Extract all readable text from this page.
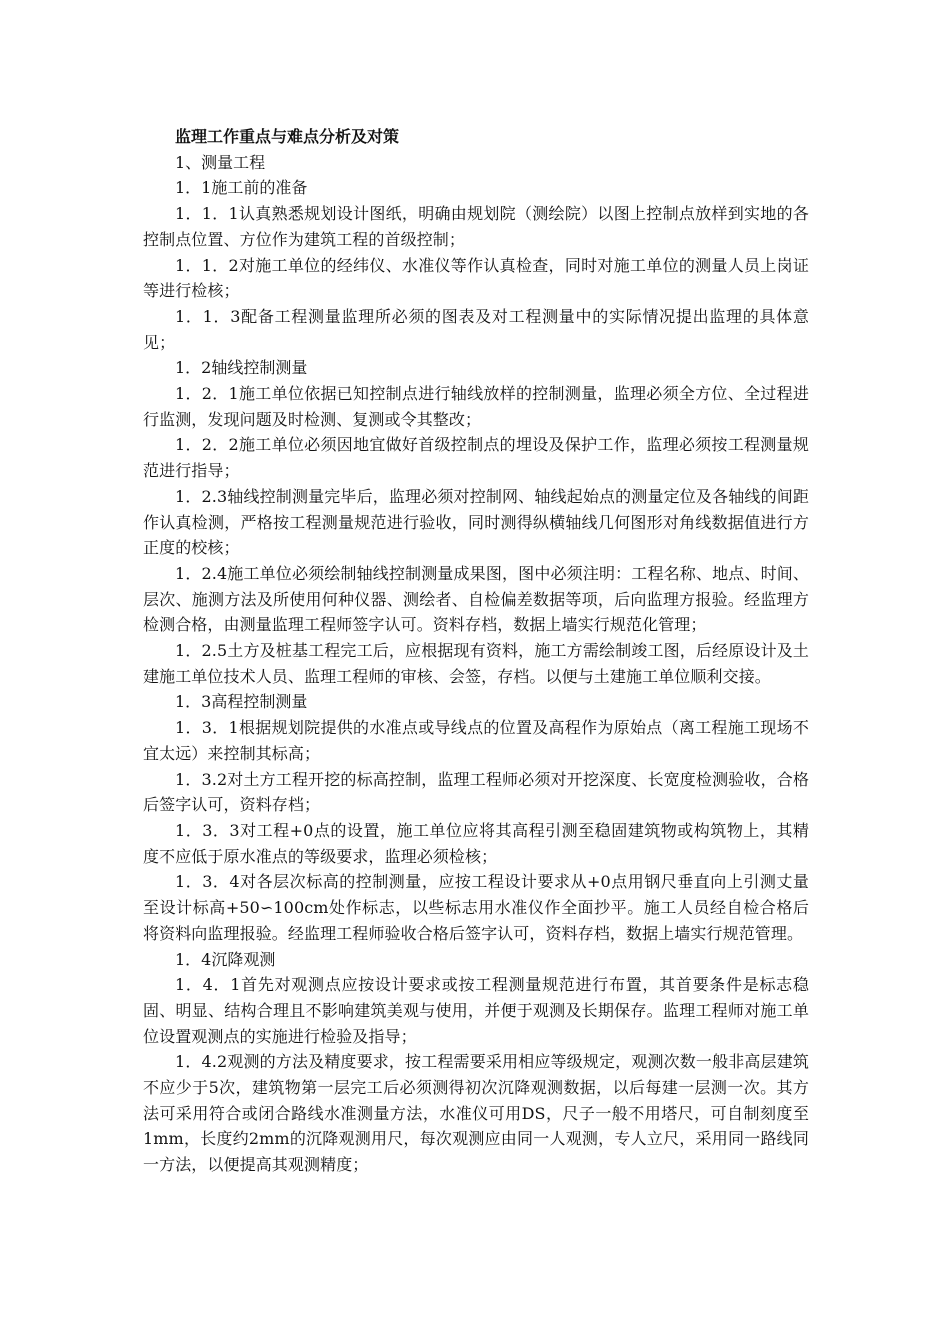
监理工作重点与难点分析及对策

1、测量工程

1．1施工前的准备

1．1．1认真熟悉规划设计图纸，明确由规划院（测绘院）以图上控制点放样到实地的各控制点位置、方位作为建筑工程的首级控制；

1．1．2对施工单位的经纬仪、水准仪等作认真检查，同时对施工单位的测量人员上岗证等进行检核；

1．1．3配备工程测量监理所必须的图表及对工程测量中的实际情况提出监理的具体意见；

1．2轴线控制测量

1．2．1施工单位依据已知控制点进行轴线放样的控制测量，监理必须全方位、全过程进行监测，发现问题及时检测、复测或令其整改；

1．2．2施工单位必须因地宜做好首级控制点的埋设及保护工作，监理必须按工程测量规范进行指导；

1．2.3轴线控制测量完毕后，监理必须对控制网、轴线起始点的测量定位及各轴线的间距作认真检测，严格按工程测量规范进行验收，同时测得纵横轴线几何图形对角线数据值进行方正度的校核；

1．2.4施工单位必须绘制轴线控制测量成果图，图中必须注明：工程名称、地点、时间、层次、施测方法及所使用何种仪器、测绘者、自检偏差数据等项，后向监理方报验。经监理方检测合格，由测量监理工程师签字认可。资料存档，数据上墙实行规范化管理；

1．2.5土方及桩基工程完工后，应根据现有资料，施工方需绘制竣工图，后经原设计及土建施工单位技术人员、监理工程师的审核、会签，存档。以便与土建施工单位顺利交接。

1．3高程控制测量

1．3．1根据规划院提供的水准点或导线点的位置及高程作为原始点（离工程施工现场不宜太远）来控制其标高；

1．3.2对土方工程开挖的标高控制，监理工程师必须对开挖深度、长宽度检测验收，合格后签字认可，资料存档；

1．3．3对工程+0点的设置，施工单位应将其高程引测至稳固建筑物或构筑物上，其精度不应低于原水准点的等级要求，监理必须检核；

1．3．4对各层次标高的控制测量，应按工程设计要求从+0点用钢尺垂直向上引测丈量至设计标高+50∽100cm处作标志，以些标志用水准仪作全面抄平。施工人员经自检合格后将资料向监理报验。经监理工程师验收合格后签字认可，资料存档，数据上墙实行规范管理。

1．4沉降观测

1．4．1首先对观测点应按设计要求或按工程测量规范进行布置，其首要条件是标志稳固、明显、结构合理且不影响建筑美观与使用，并便于观测及长期保存。监理工程师对施工单位设置观测点的实施进行检验及指导；

1．4.2观测的方法及精度要求，按工程需要采用相应等级规定，观测次数一般非高层建筑不应少于5次，建筑物第一层完工后必须测得初次沉降观测数据，以后每建一层测一次。其方法可采用符合或闭合路线水准测量方法，水准仪可用DS，尺子一般不用塔尺，可自制刻度至1mm，长度约2mm的沉降观测用尺，每次观测应由同一人观测，专人立尺，采用同一路线同一方法，以便提高其观测精度；
